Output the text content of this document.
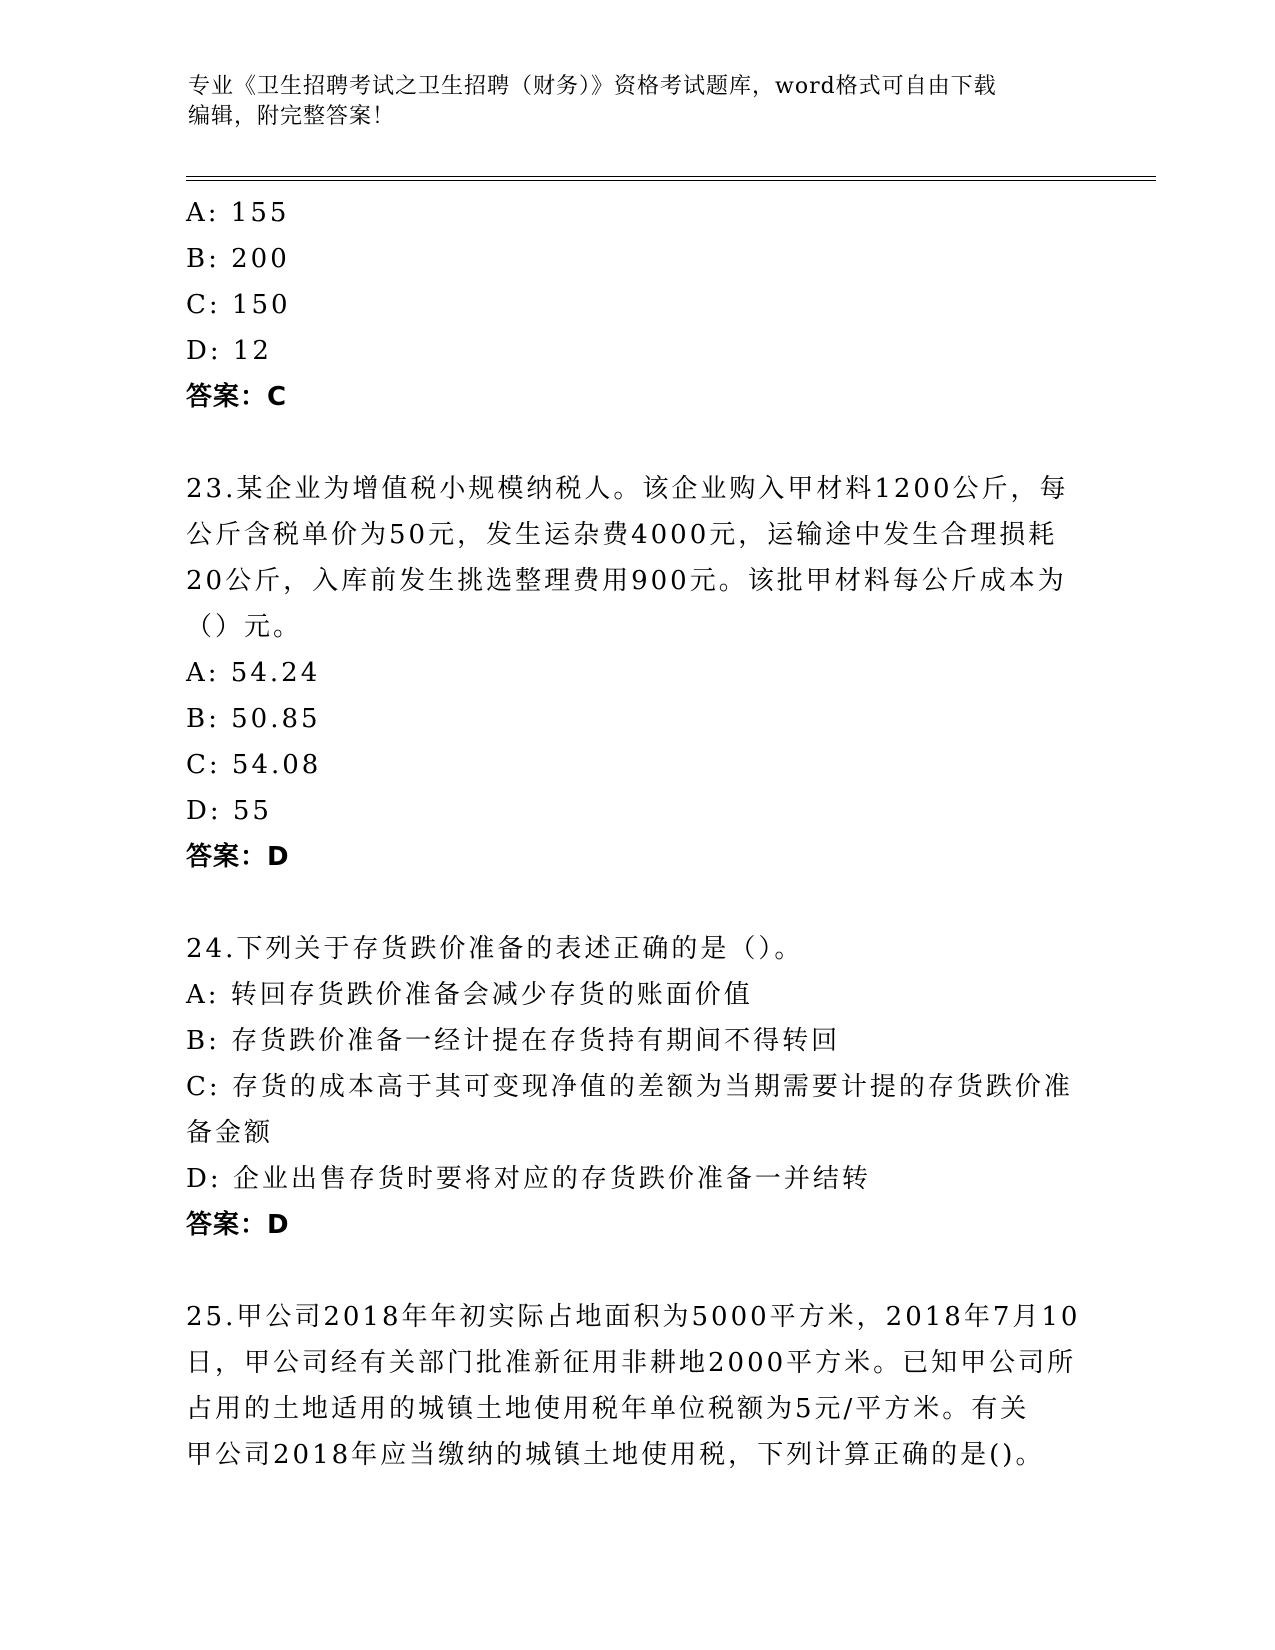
专业《卫生招聘考试之卫生招聘（财务）》资格考试题库，word格式可自由下载
编辑，附完整答案！
A: 155
B: 200
C: 150
D: 12
答案：C
23.某企业为增值税小规模纳税人。该企业购入甲材料1200公斤，每
公斤含税单价为50元，发生运杂费4000元，运输途中发生合理损耗
20公斤，入库前发生挑选整理费用900元。该批甲材料每公斤成本为
（）元。
A: 54.24
B: 50.85
C: 54.08
D: 55
答案：D
24.下列关于存货跌价准备的表述正确的是（）。
A: 转回存货跌价准备会减少存货的账面价值
B: 存货跌价准备一经计提在存货持有期间不得转回
C: 存货的成本高于其可变现净值的差额为当期需要计提的存货跌价准
备金额
D: 企业出售存货时要将对应的存货跌价准备一并结转
答案：D
25.甲公司2018年年初实际占地面积为5000平方米，2018年7月10
日，甲公司经有关部门批准新征用非耕地2000平方米。已知甲公司所
占用的土地适用的城镇土地使用税年单位税额为5元/平方米。有关
甲公司2018年应当缴纳的城镇土地使用税，下列计算正确的是()。
